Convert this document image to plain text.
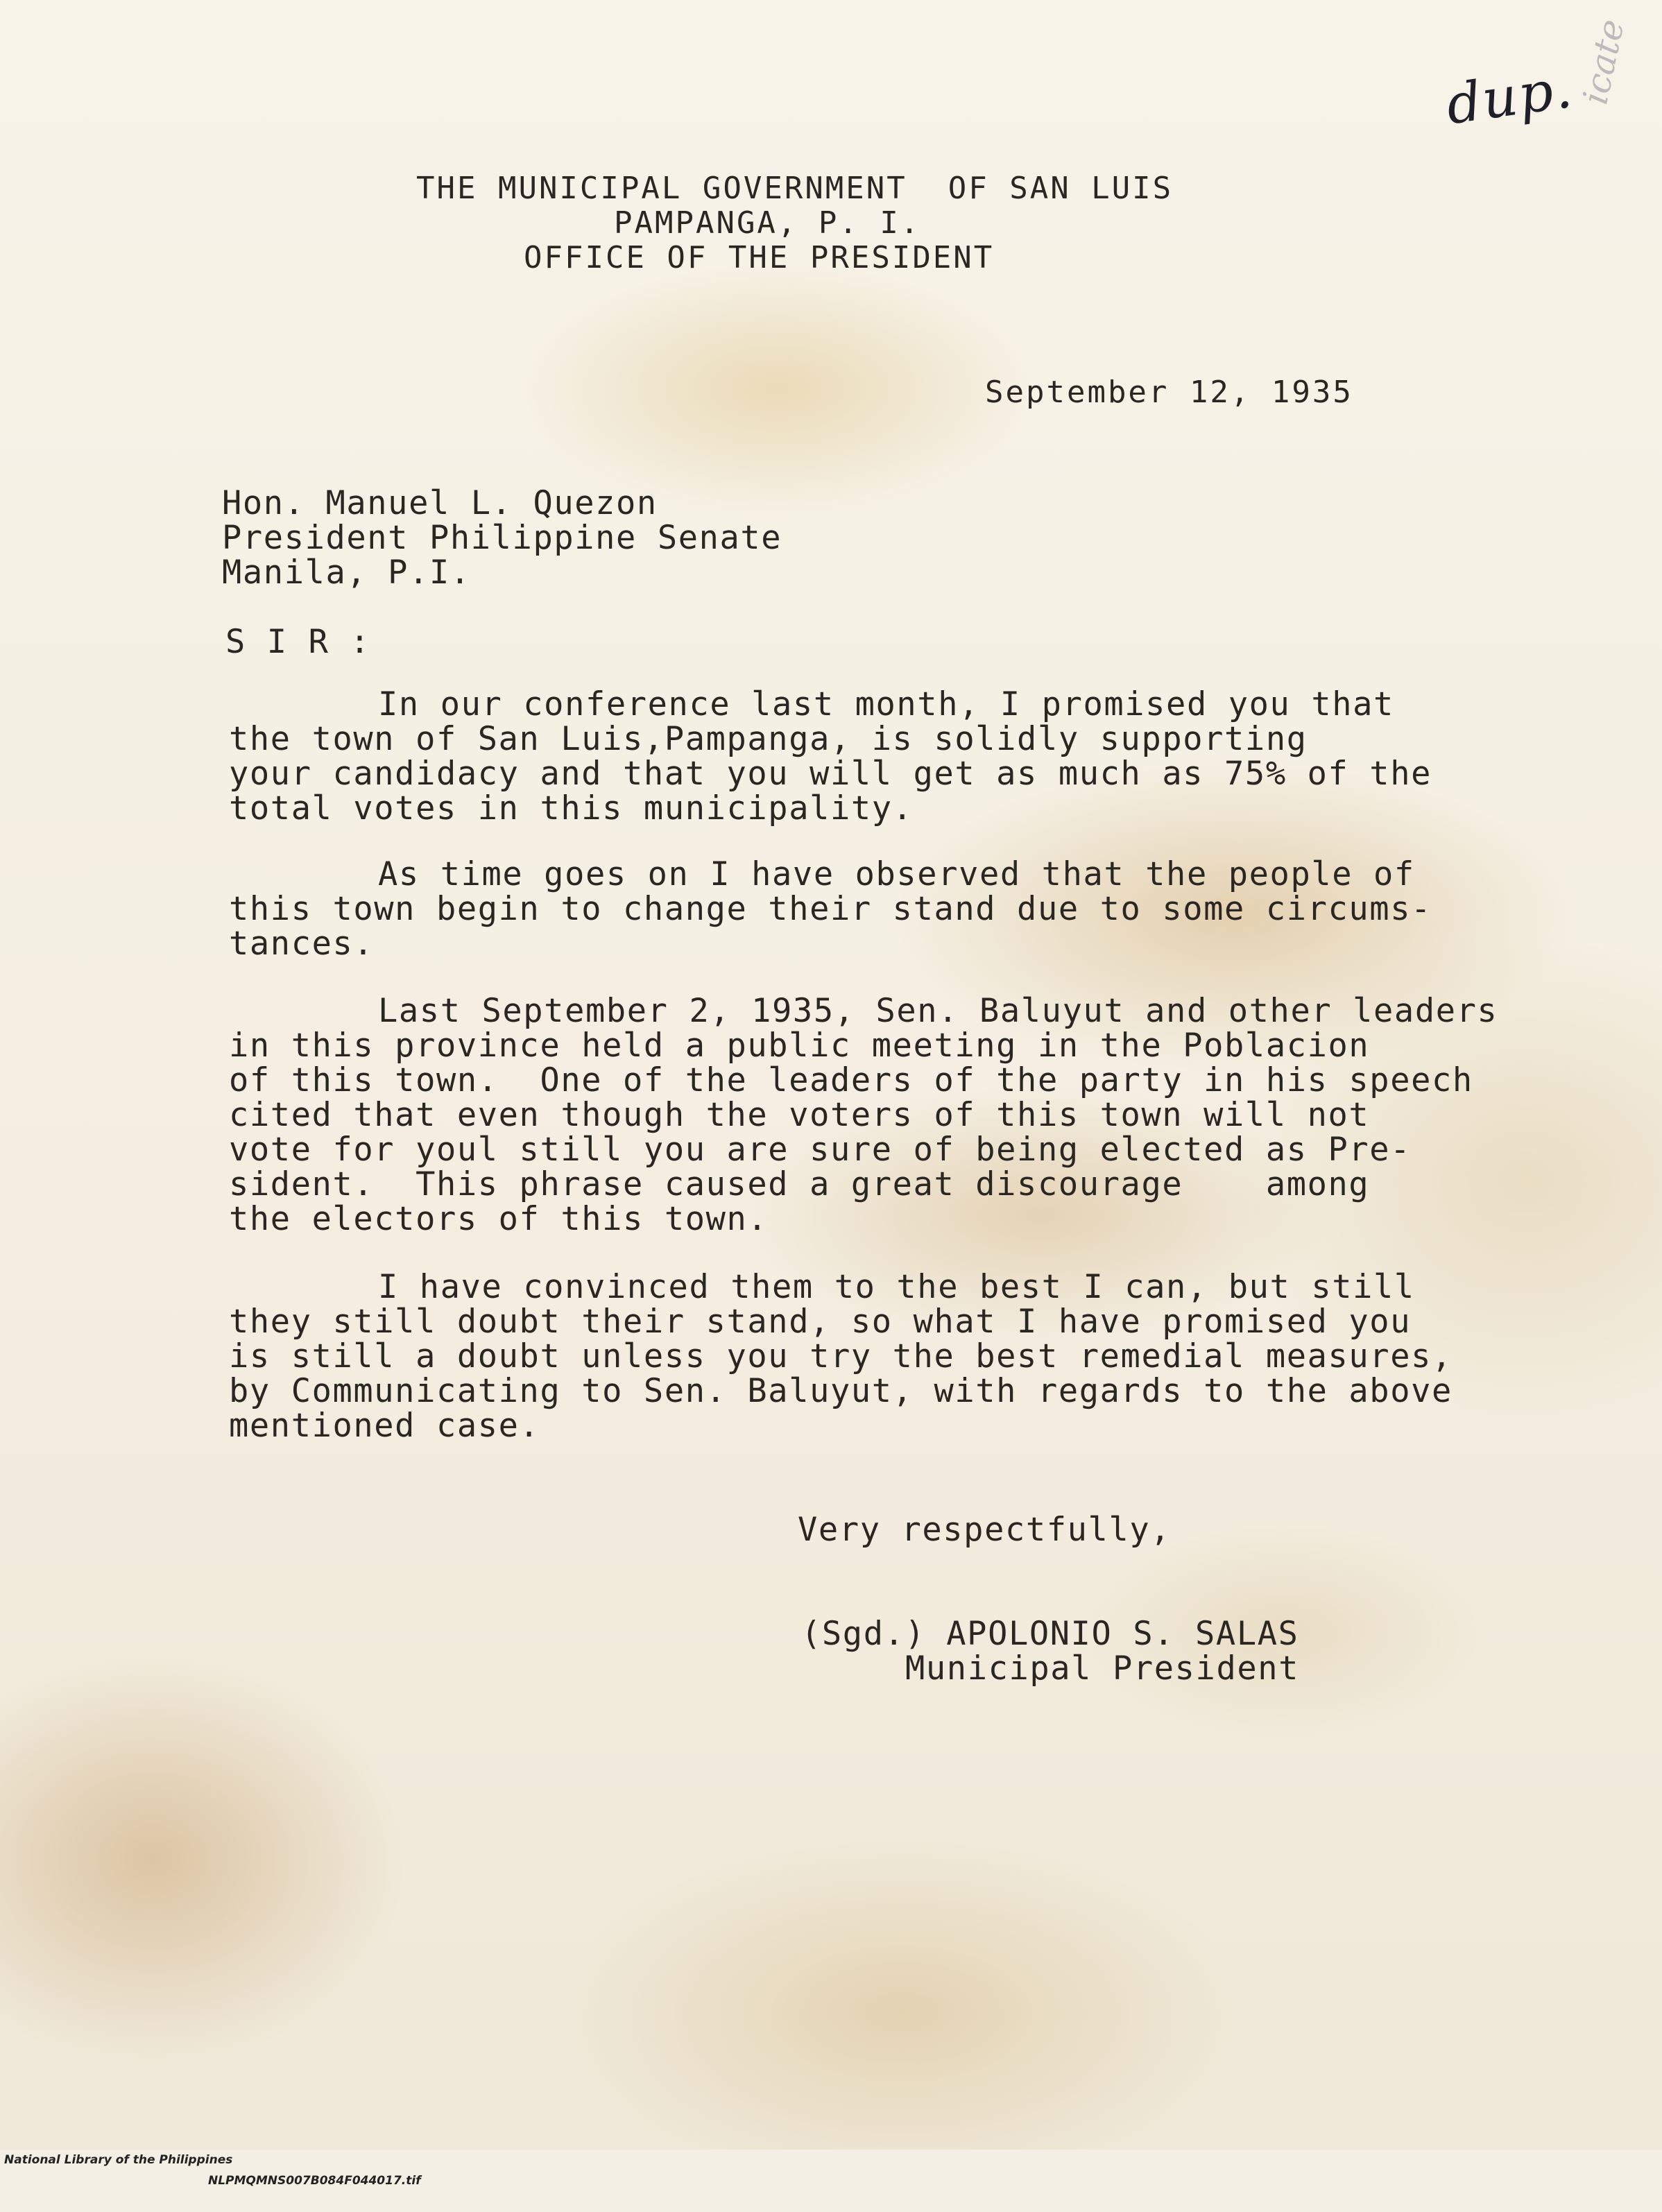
dup.
icate
THE MUNICIPAL GOVERNMENT  OF SAN LUIS
PAMPANGA, P. I.
OFFICE OF THE PRESIDENT
September 12, 1935
Hon. Manuel L. Quezon
President Philippine Senate
Manila, P.I.
S I R :
In our conference last month, I promised you that
the town of San Luis,Pampanga, is solidly supporting
your candidacy and that you will get as much as 75% of the
total votes in this municipality.
As time goes on I have observed that the people of
this town begin to change their stand due to some circums-
tances.
Last September 2, 1935, Sen. Baluyut and other leaders
in this province held a public meeting in the Poblacion
of this town.  One of the leaders of the party in his speech
cited that even though the voters of this town will not
vote for youl still you are sure of being elected as Pre-
sident.  This phrase caused a great discourage    among
the electors of this town.
I have convinced them to the best I can, but still
they still doubt their stand, so what I have promised you
is still a doubt unless you try the best remedial measures,
by Communicating to Sen. Baluyut, with regards to the above
mentioned case.
Very respectfully,
(Sgd.) APOLONIO S. SALAS
Municipal President

National Library of the Philippines

NLPMQMNS007B084F044017.tif
